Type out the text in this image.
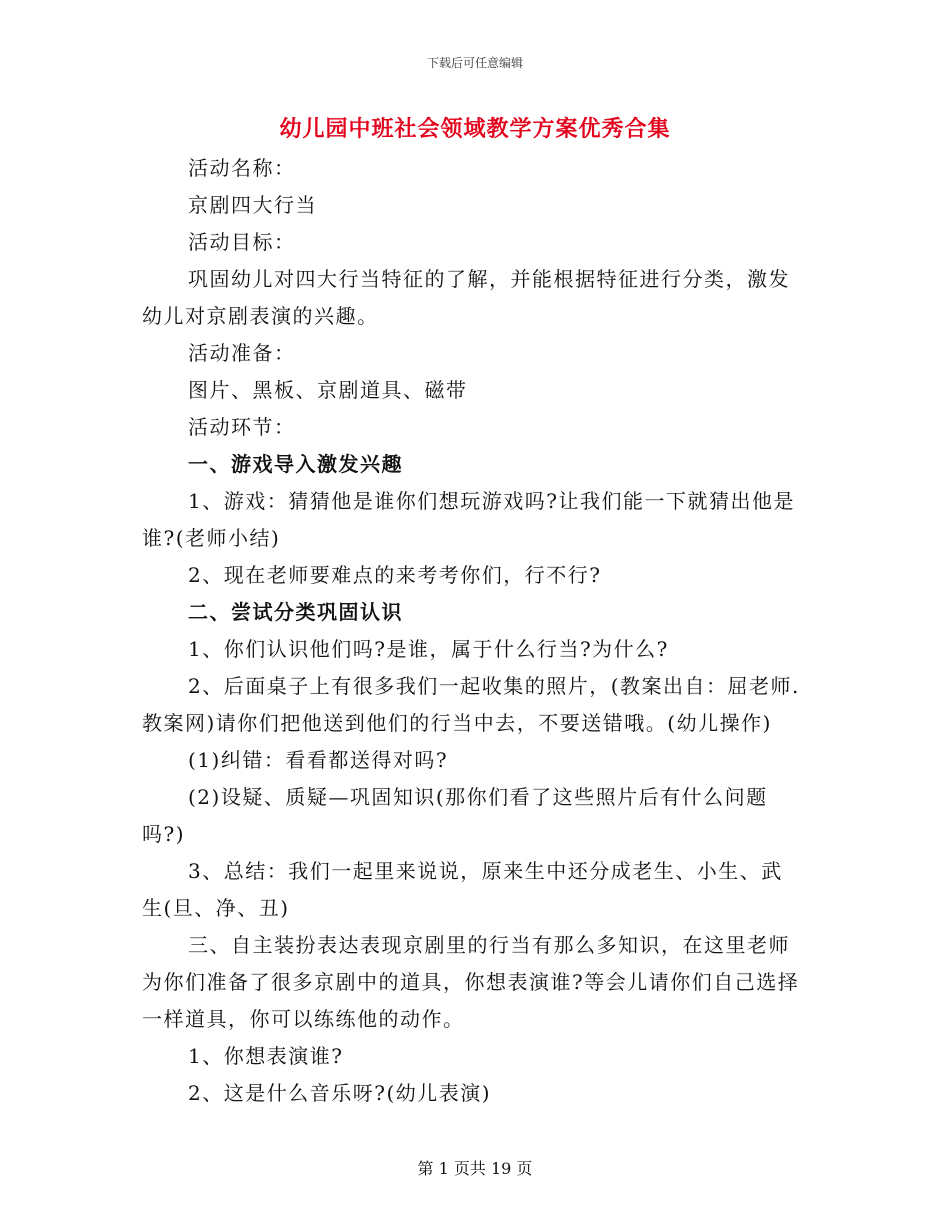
下载后可任意编辑
幼儿园中班社会领域教学方案优秀合集

活动名称：

京剧四大行当

活动目标：

巩固幼儿对四大行当特征的了解，并能根据特征进行分类，激发幼儿对京剧表演的兴趣。

活动准备：

图片、黑板、京剧道具、磁带

活动环节：

一、游戏导入激发兴趣

1、游戏：猜猜他是谁你们想玩游戏吗?让我们能一下就猜出他是谁?(老师小结)

2、现在老师要难点的来考考你们，行不行?

二、尝试分类巩固认识

1、你们认识他们吗?是谁，属于什么行当?为什么?

2、后面桌子上有很多我们一起收集的照片，(教案出自：屈老师.教案网)请你们把他送到他们的行当中去，不要送错哦。(幼儿操作)

(1)纠错：看看都送得对吗?

(2)设疑、质疑—巩固知识(那你们看了这些照片后有什么问题吗?)

3、总结：我们一起里来说说，原来生中还分成老生、小生、武生(旦、净、丑)

三、自主装扮表达表现京剧里的行当有那么多知识，在这里老师为你们准备了很多京剧中的道具，你想表演谁?等会儿请你们自己选择一样道具，你可以练练他的动作。

1、你想表演谁?

2、这是什么音乐呀?(幼儿表演)

第 1 页共 19 页
